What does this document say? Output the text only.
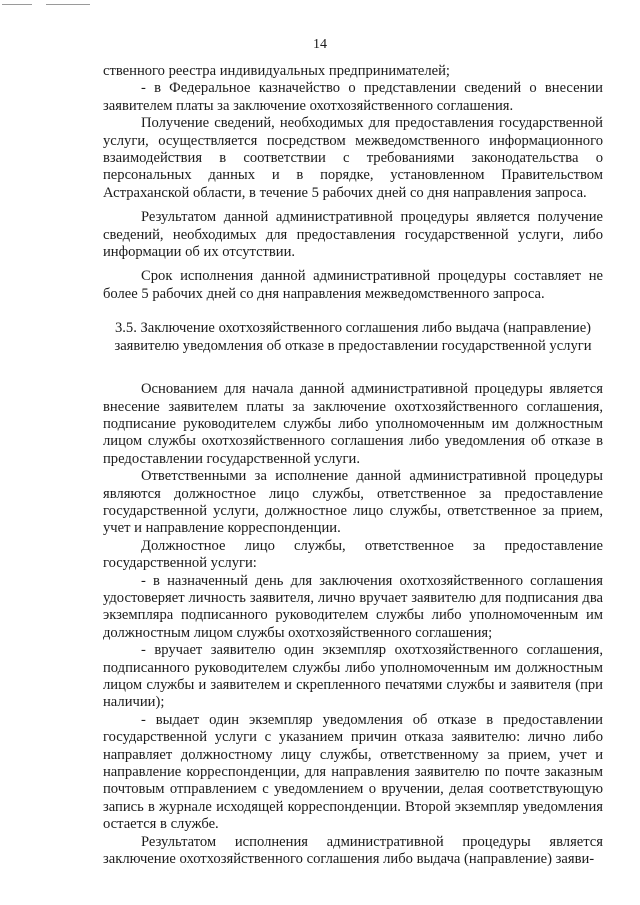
14

ственного реестра индивидуальных предпринимателей;

- в Федеральное казначейство о представлении сведений о внесении заявителем платы за заключение охотхозяйственного соглашения.

Получение сведений, необходимых для предоставления государственной услуги, осуществляется посредством межведомственного информационного взаимодействия в соответствии с требованиями законодательства о персональных данных и в порядке, установленном Правительством Астраханской области, в течение 5 рабочих дней со дня направления запроса.

Результатом данной административной процедуры является получение сведений, необходимых для предоставления государственной услуги, либо информации об их отсутствии.

Срок исполнения данной административной процедуры составляет не более 5 рабочих дней со дня направления межведомственного запроса.

3.5. Заключение охотхозяйственного соглашения либо выдача (направление) заявителю уведомления об отказе в предоставлении государственной услуги

Основанием для начала данной административной процедуры является внесение заявителем платы за заключение охотхозяйственного соглашения, подписание руководителем службы либо уполномоченным им должностным лицом службы охотхозяйственного соглашения либо уведомления об отказе в предоставлении государственной услуги.

Ответственными за исполнение данной административной процедуры являются должностное лицо службы, ответственное за предоставление государственной услуги, должностное лицо службы, ответственное за прием, учет и направление корреспонденции.

Должностное лицо службы, ответственное за предоставление государственной услуги:

- в назначенный день для заключения охотхозяйственного соглашения удостоверяет личность заявителя, лично вручает заявителю для подписания два экземпляра подписанного руководителем службы либо уполномоченным им должностным лицом службы охотхозяйственного соглашения;

- вручает заявителю один экземпляр охотхозяйственного соглашения, подписанного руководителем службы либо уполномоченным им должностным лицом службы и заявителем и скрепленного печатями службы и заявителя (при наличии);

- выдает один экземпляр уведомления об отказе в предоставлении государственной услуги с указанием причин отказа заявителю: лично либо направляет должностному лицу службы, ответственному за прием, учет и направление корреспонденции, для направления заявителю по почте заказным почтовым отправлением с уведомлением о вручении, делая соответствующую запись в журнале исходящей корреспонденции. Второй экземпляр уведомления остается в службе.

Результатом исполнения административной процедуры является заключение охотхозяйственного соглашения либо выдача (направление) заяви-
